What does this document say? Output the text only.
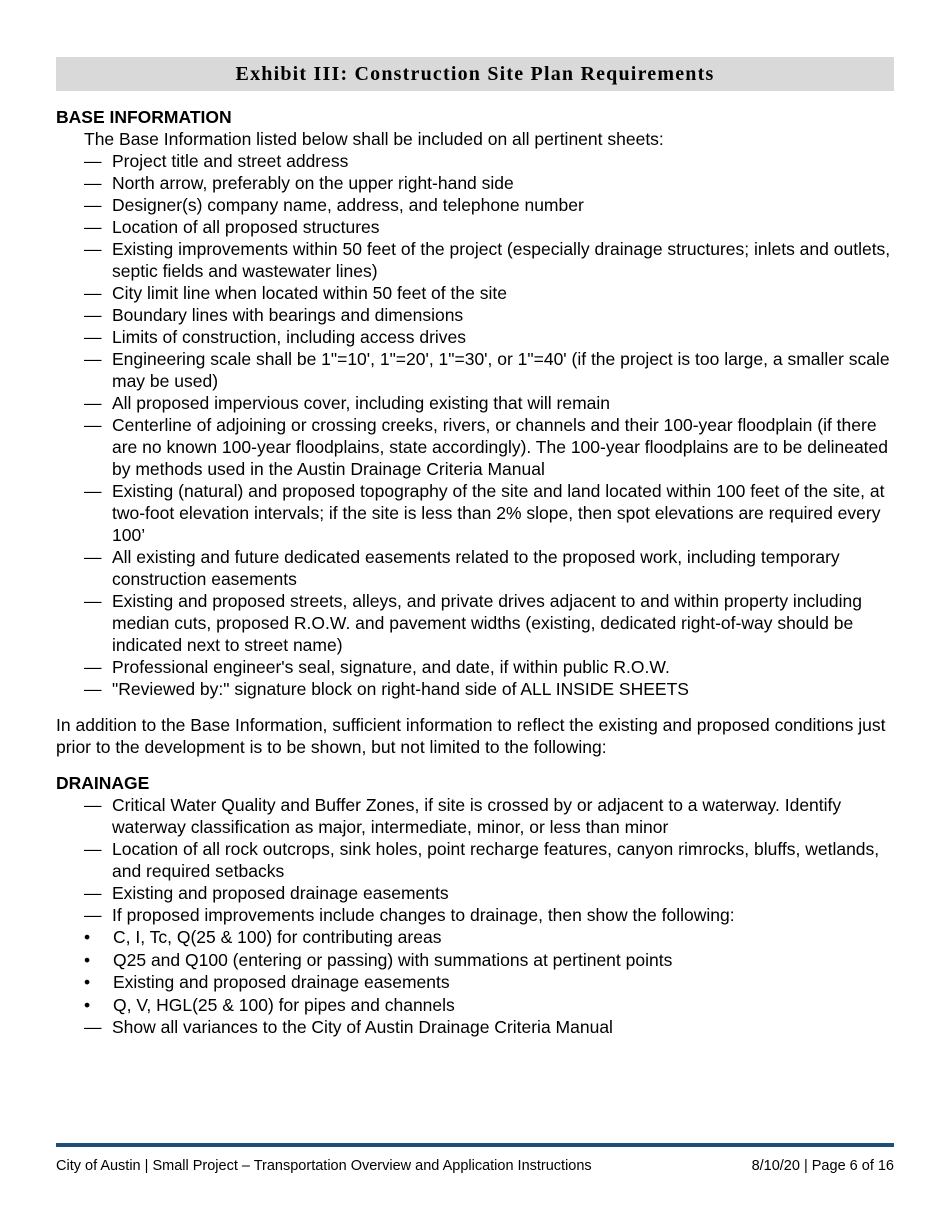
Exhibit III: Construction Site Plan Requirements

BASE INFORMATION

The Base Information listed below shall be included on all pertinent sheets:

— Project title and street address
— North arrow, preferably on the upper right-hand side
— Designer(s) company name, address, and telephone number
— Location of all proposed structures
— Existing improvements within 50 feet of the project (especially drainage structures; inlets and outlets, septic fields and wastewater lines)
— City limit line when located within 50 feet of the site
— Boundary lines with bearings and dimensions
— Limits of construction, including access drives
— Engineering scale shall be 1"=10', 1"=20', 1"=30', or 1"=40' (if the project is too large, a smaller scale may be used)
— All proposed impervious cover, including existing that will remain
— Centerline of adjoining or crossing creeks, rivers, or channels and their 100-year floodplain (if there are no known 100-year floodplains, state accordingly). The 100-year floodplains are to be delineated by methods used in the Austin Drainage Criteria Manual
— Existing (natural) and proposed topography of the site and land located within 100 feet of the site, at two-foot elevation intervals; if the site is less than 2% slope, then spot elevations are required every 100’
— All existing and future dedicated easements related to the proposed work, including temporary construction easements
— Existing and proposed streets, alleys, and private drives adjacent to and within property including median cuts, proposed R.O.W. and pavement widths (existing, dedicated right-of-way should be indicated next to street name)
— Professional engineer's seal, signature, and date, if within public R.O.W.
— "Reviewed by:" signature block on right-hand side of ALL INSIDE SHEETS

In addition to the Base Information, sufficient information to reflect the existing and proposed conditions just prior to the development is to be shown, but not limited to the following:

DRAINAGE

— Critical Water Quality and Buffer Zones, if site is crossed by or adjacent to a waterway. Identify waterway classification as major, intermediate, minor, or less than minor
— Location of all rock outcrops, sink holes, point recharge features, canyon rimrocks, bluffs, wetlands, and required setbacks
— Existing and proposed drainage easements
— If proposed improvements include changes to drainage, then show the following:
• C, I, Tc, Q(25 & 100) for contributing areas
• Q25 and Q100 (entering or passing) with summations at pertinent points
• Existing and proposed drainage easements
• Q, V, HGL(25 & 100) for pipes and channels
— Show all variances to the City of Austin Drainage Criteria Manual
City of Austin | Small Project – Transportation Overview and Application Instructions	8/10/20 | Page 6 of 16
